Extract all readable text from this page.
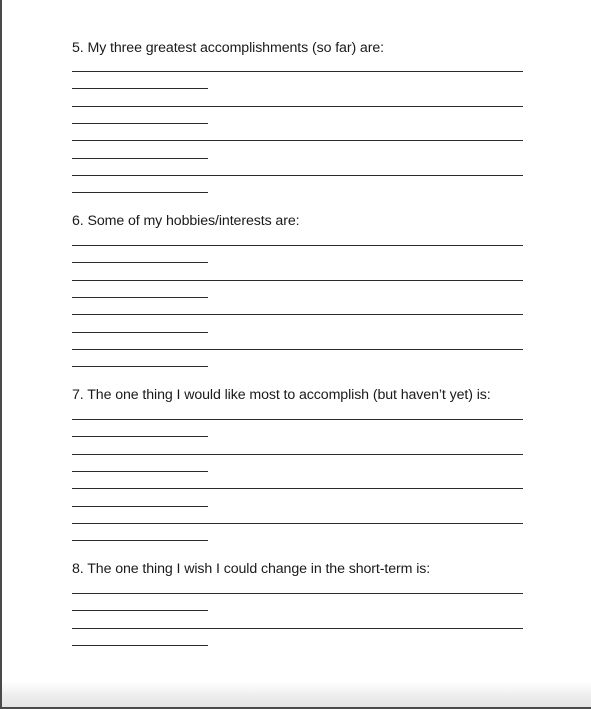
5. My three greatest accomplishments (so far) are:
6. Some of my hobbies/interests are:
7. The one thing I would like most to accomplish (but haven’t yet) is:
8. The one thing I wish I could change in the short-term is:
